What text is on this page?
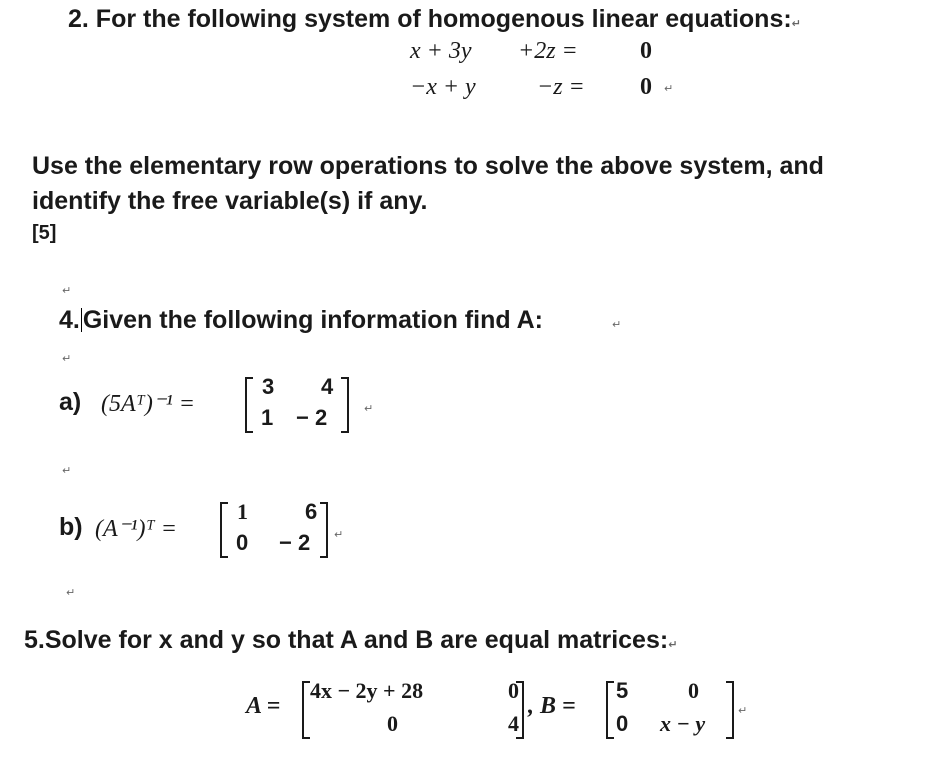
2. For the following system of homogenous linear equations:↵
x + 3y +2z =	0
−x + y	−z = 0 ↵
Use the elementary row operations to solve the above system, and
identify the free variable(s) if any.
[5]
↵
4. Given the following information find A:	↵
↵
a) (5Aᵀ)⁻¹ =
3 4
1 − 2	↵
↵
b) (A⁻¹)ᵀ =
1	6
0 − 2 ↵
↵
5.Solve for x and y so that A and B are equal matrices:↵
A =
4x − 2y + 28	0
0	4
, B =
5	0
0 x − y
↵
